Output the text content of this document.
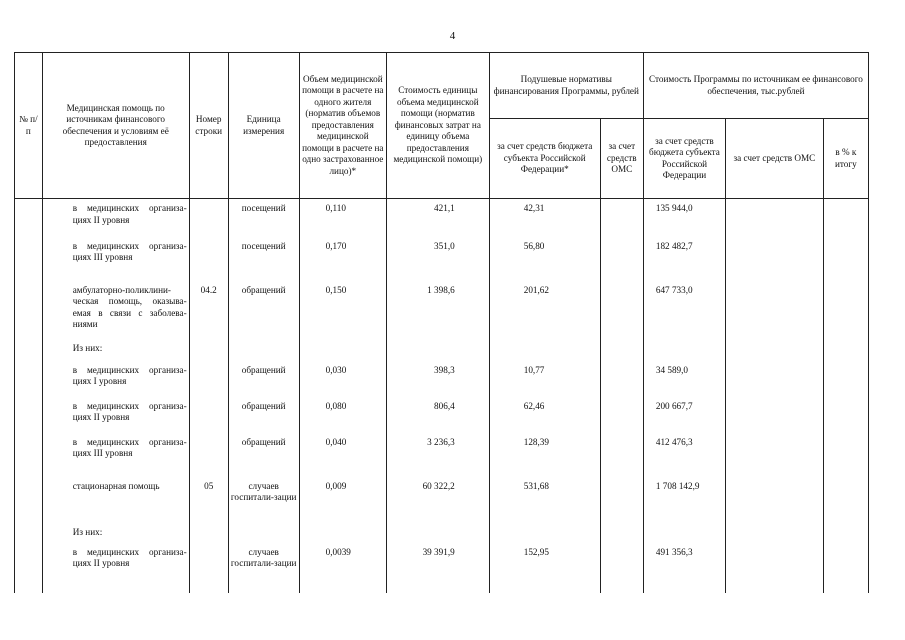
4
№ п/п	Медицинская помощь по источникам финансового обеспечения и условиям её предоставления	Номер строки	Единица измерения	Объем медицинской помощи в расчете на одного жителя (норматив объемов предоставления медицинской помощи в расчете на одно застрахованное лицо)*	Стоимость единицы объема медицинской помощи (норматив финансовых затрат на единицу объема предоставления медицинской помощи)	Подушевые нормативы финансирования Программы, рублей		Стоимость Программы по источникам ее финансового обеспечения, тыс.рублей		
						за счет средств бюджета субъекта Российской Федерации*	за счет средств ОМС	за счет средств бюджета субъекта Российской Федерации	за счет средств ОМС	в % к итогу
	в медицинских организа-циях II уровня		посещений	0,110	421,1	42,31		135 944,0		
	в медицинских организа-циях III уровня		посещений	0,170	351,0	56,80		182 482,7		
	амбулаторно-поликлини-ческая помощь, оказыва-емая в связи с заболева-ниями	04.2	обращений	0,150	1 398,6	201,62		647 733,0		
	Из них:									
	в медицинских организа-циях I уровня		обращений	0,030	398,3	10,77		34 589,0		
	в медицинских организа-циях II уровня		обращений	0,080	806,4	62,46		200 667,7		
	в медицинских организа-циях III уровня		обращений	0,040	3 236,3	128,39		412 476,3		
	стационарная помощь	05	случаев госпитали-зации	0,009	60 322,2	531,68		1 708 142,9		
	Из них:									
	в медицинских организа-циях II уровня		случаев госпитали-зации	0,0039	39 391,9	152,95		491 356,3		
